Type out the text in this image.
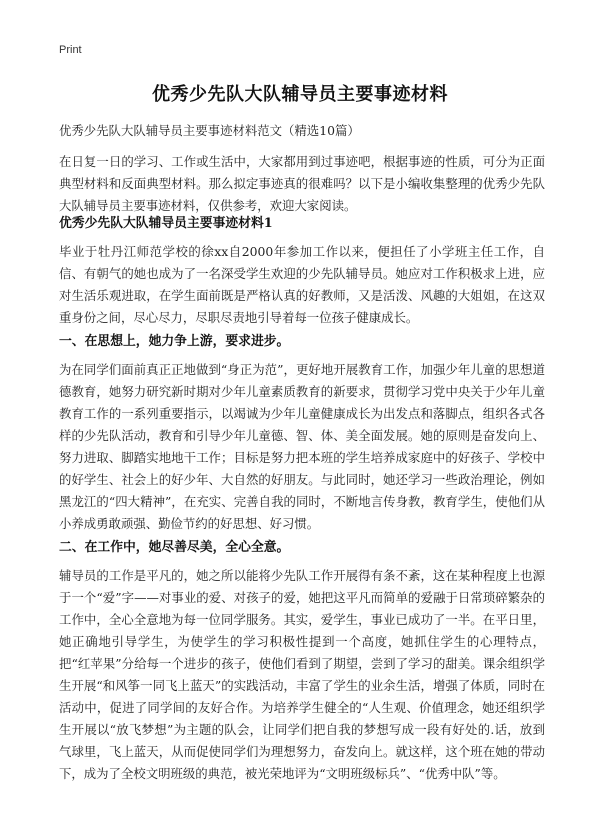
Print
优秀少先队大队辅导员主要事迹材料
优秀少先队大队辅导员主要事迹材料范文（精选10篇）
在日复一日的学习、工作或生活中，大家都用到过事迹吧，根据事迹的性质，可分为正面典型材料和反面典型材料。那么拟定事迹真的很难吗？以下是小编收集整理的优秀少先队大队辅导员主要事迹材料，仅供参考，欢迎大家阅读。
优秀少先队大队辅导员主要事迹材料1
毕业于牡丹江师范学校的徐xx自2000年参加工作以来，便担任了小学班主任工作，自信、有朝气的她也成为了一名深受学生欢迎的少先队辅导员。她应对工作积极求上进，应对生活乐观进取，在学生面前既是严格认真的好教师，又是活泼、风趣的大姐姐，在这双重身份之间，尽心尽力，尽职尽责地引导着每一位孩子健康成长。
一、在思想上，她力争上游，要求进步。
为在同学们面前真正正地做到“身正为范”，更好地开展教育工作，加强少年儿童的思想道德教育，她努力研究新时期对少年儿童素质教育的新要求，贯彻学习党中央关于少年儿童教育工作的一系列重要指示，以竭诚为少年儿童健康成长为出发点和落脚点，组织各式各样的少先队活动，教育和引导少年儿童德、智、体、美全面发展。她的原则是奋发向上、努力进取、脚踏实地地干工作；目标是努力把本班的学生培养成家庭中的好孩子、学校中的好学生、社会上的好少年、大自然的好朋友。与此同时，她还学习一些政治理论，例如黑龙江的“四大精神”，在充实、完善自我的同时，不断地言传身教，教育学生，使他们从小养成勇敢顽强、勤俭节约的好思想、好习惯。
二、在工作中，她尽善尽美，全心全意。
辅导员的工作是平凡的，她之所以能将少先队工作开展得有条不紊，这在某种程度上也源于一个“爱”字——对事业的爱、对孩子的爱，她把这平凡而简单的爱融于日常琐碎繁杂的工作中，全心全意地为每一位同学服务。其实，爱学生，事业已成功了一半。在平日里，她正确地引导学生，为使学生的学习积极性提到一个高度，她抓住学生的心理特点，把“红苹果”分给每一个进步的孩子，使他们看到了期望，尝到了学习的甜美。课余组织学生开展“和风筝一同飞上蓝天”的实践活动，丰富了学生的业余生活，增强了体质，同时在活动中，促进了同学间的友好合作。为培养学生健全的“人生观、价值理念，她还组织学生开展以“放飞梦想”为主题的队会，让同学们把自我的梦想写成一段有好处的.话，放到气球里，飞上蓝天，从而促使同学们为理想努力，奋发向上。就这样，这个班在她的带动下，成为了全校文明班级的典范，被光荣地评为“文明班级标兵”、“优秀中队”等。
